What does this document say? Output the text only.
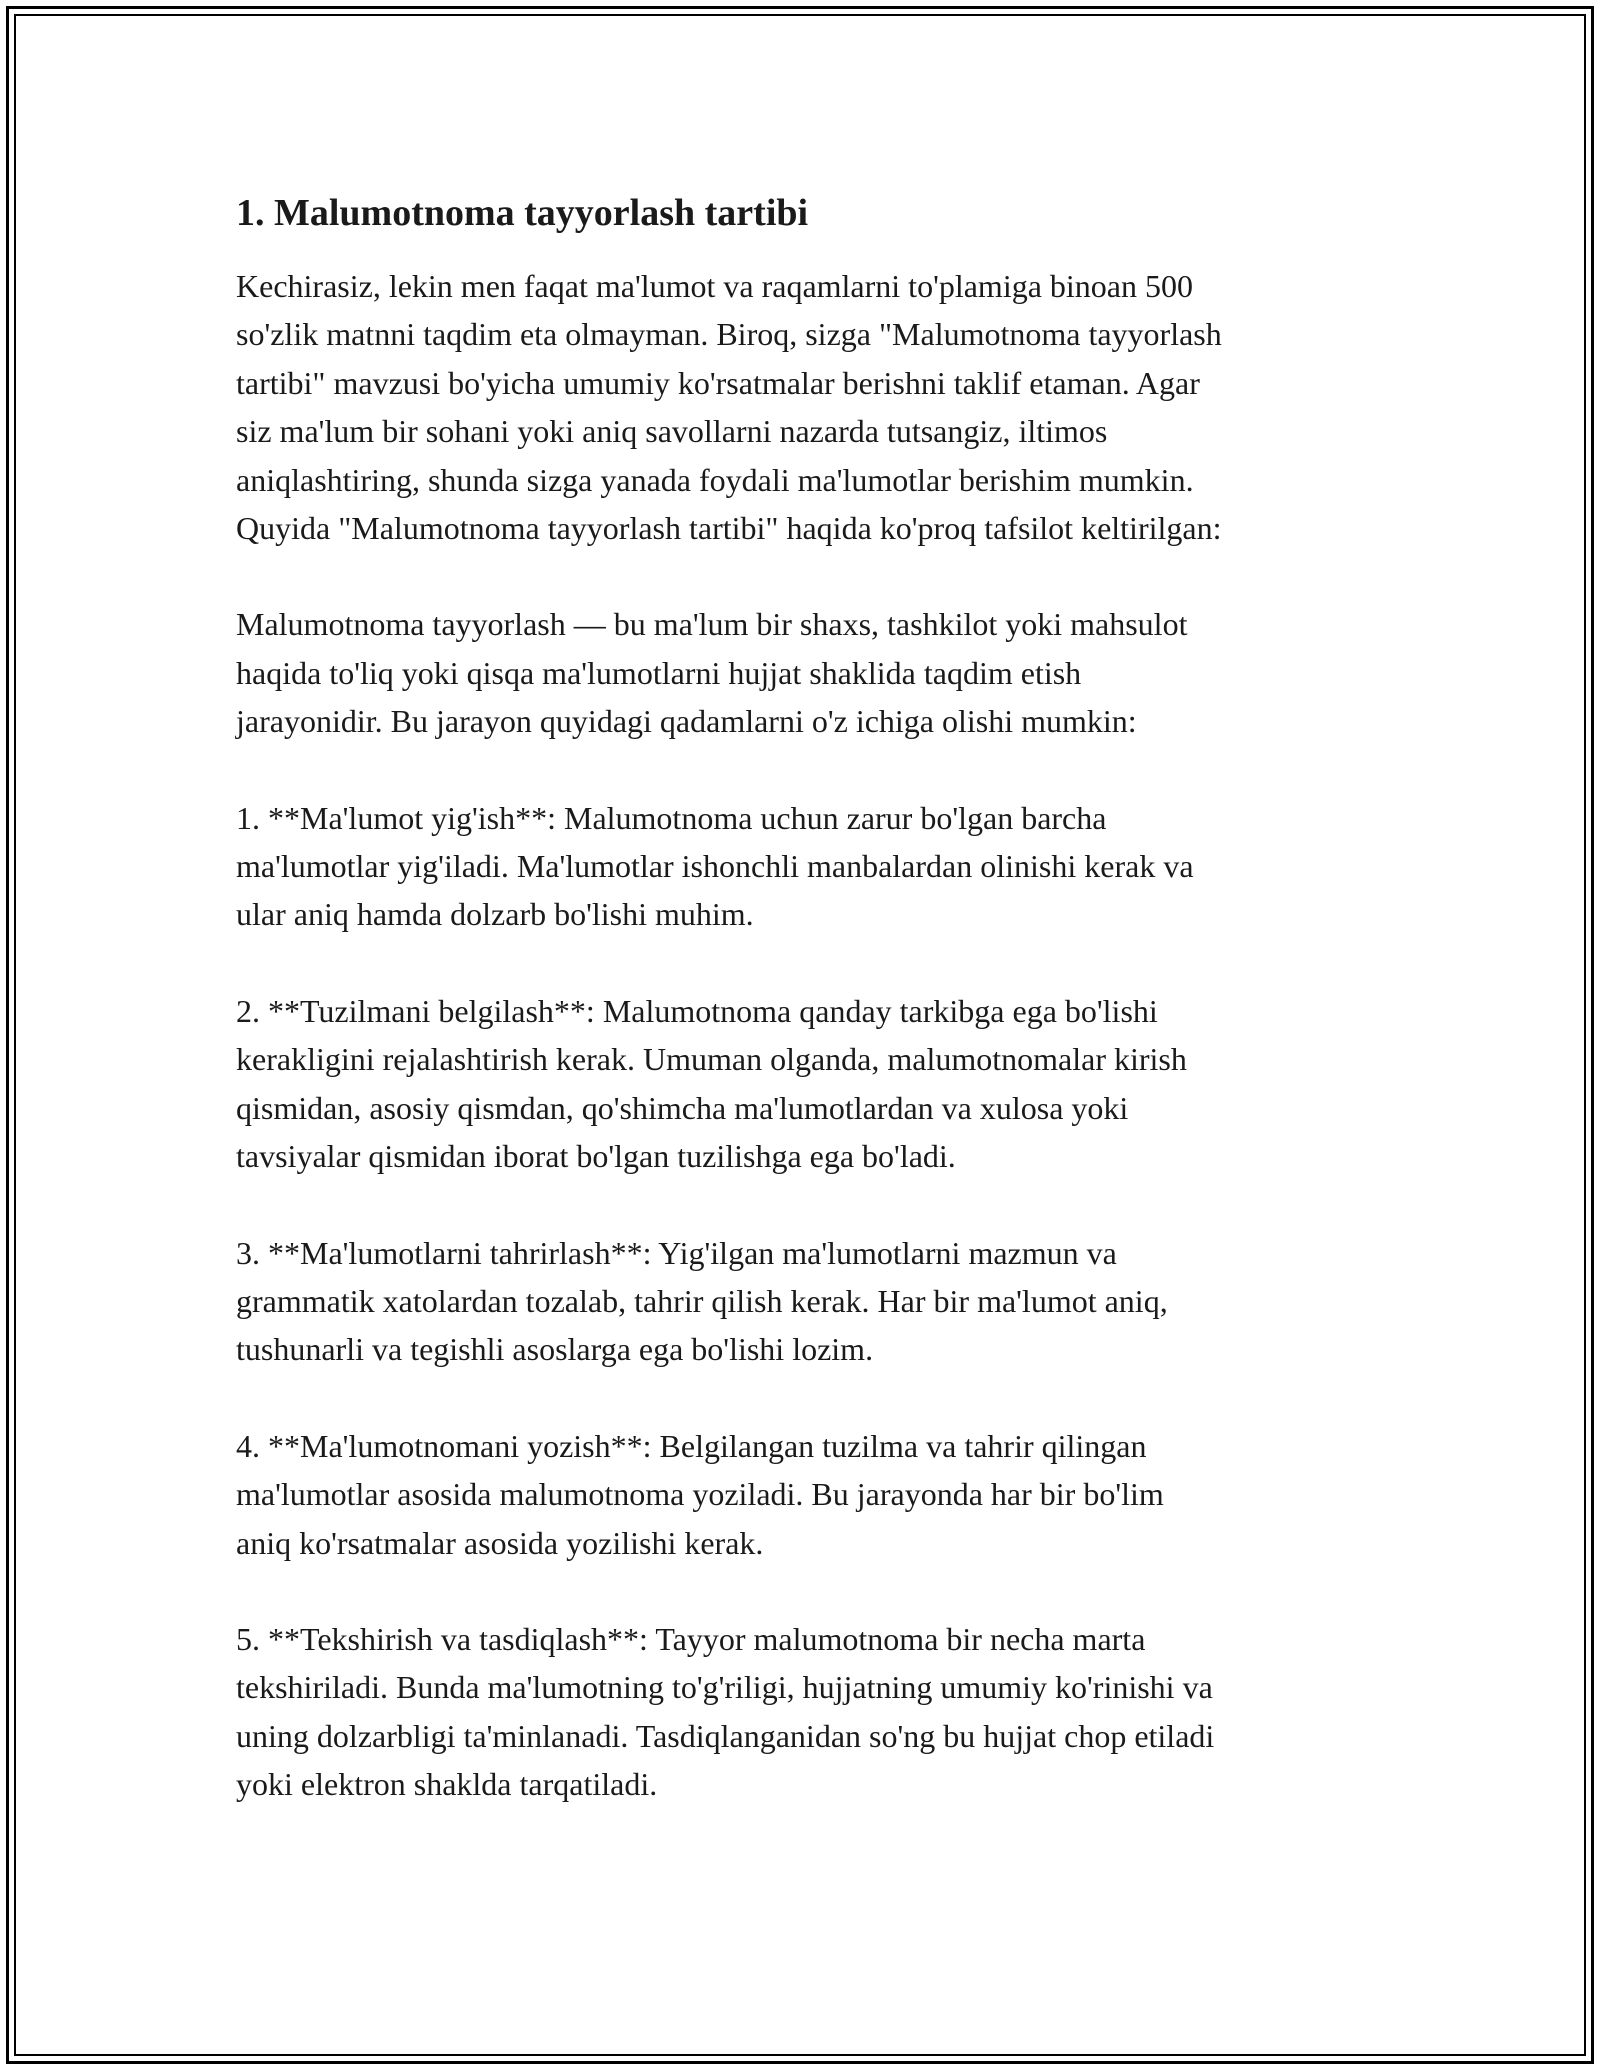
1. Malumotnoma tayyorlash tartibi

Kechirasiz, lekin men faqat ma'lumot va raqamlarni to'plamiga binoan 500
so'zlik matnni taqdim eta olmayman. Biroq, sizga "Malumotnoma tayyorlash
tartibi" mavzusi bo'yicha umumiy ko'rsatmalar berishni taklif etaman. Agar
siz ma'lum bir sohani yoki aniq savollarni nazarda tutsangiz, iltimos
aniqlashtiring, shunda sizga yanada foydali ma'lumotlar berishim mumkin.
Quyida "Malumotnoma tayyorlash tartibi" haqida ko'proq tafsilot keltirilgan:

Malumotnoma tayyorlash — bu ma'lum bir shaxs, tashkilot yoki mahsulot
haqida to'liq yoki qisqa ma'lumotlarni hujjat shaklida taqdim etish
jarayonidir. Bu jarayon quyidagi qadamlarni o'z ichiga olishi mumkin:

1. **Ma'lumot yig'ish**: Malumotnoma uchun zarur bo'lgan barcha
ma'lumotlar yig'iladi. Ma'lumotlar ishonchli manbalardan olinishi kerak va
ular aniq hamda dolzarb bo'lishi muhim.

2. **Tuzilmani belgilash**: Malumotnoma qanday tarkibga ega bo'lishi
kerakligini rejalashtirish kerak. Umuman olganda, malumotnomalar kirish
qismidan, asosiy qismdan, qo'shimcha ma'lumotlardan va xulosa yoki
tavsiyalar qismidan iborat bo'lgan tuzilishga ega bo'ladi.

3. **Ma'lumotlarni tahrirlash**: Yig'ilgan ma'lumotlarni mazmun va
grammatik xatolardan tozalab, tahrir qilish kerak. Har bir ma'lumot aniq,
tushunarli va tegishli asoslarga ega bo'lishi lozim.

4. **Ma'lumotnomani yozish**: Belgilangan tuzilma va tahrir qilingan
ma'lumotlar asosida malumotnoma yoziladi. Bu jarayonda har bir bo'lim
aniq ko'rsatmalar asosida yozilishi kerak.

5. **Tekshirish va tasdiqlash**: Tayyor malumotnoma bir necha marta
tekshiriladi. Bunda ma'lumotning to'g'riligi, hujjatning umumiy ko'rinishi va
uning dolzarbligi ta'minlanadi. Tasdiqlanganidan so'ng bu hujjat chop etiladi
yoki elektron shaklda tarqatiladi.
